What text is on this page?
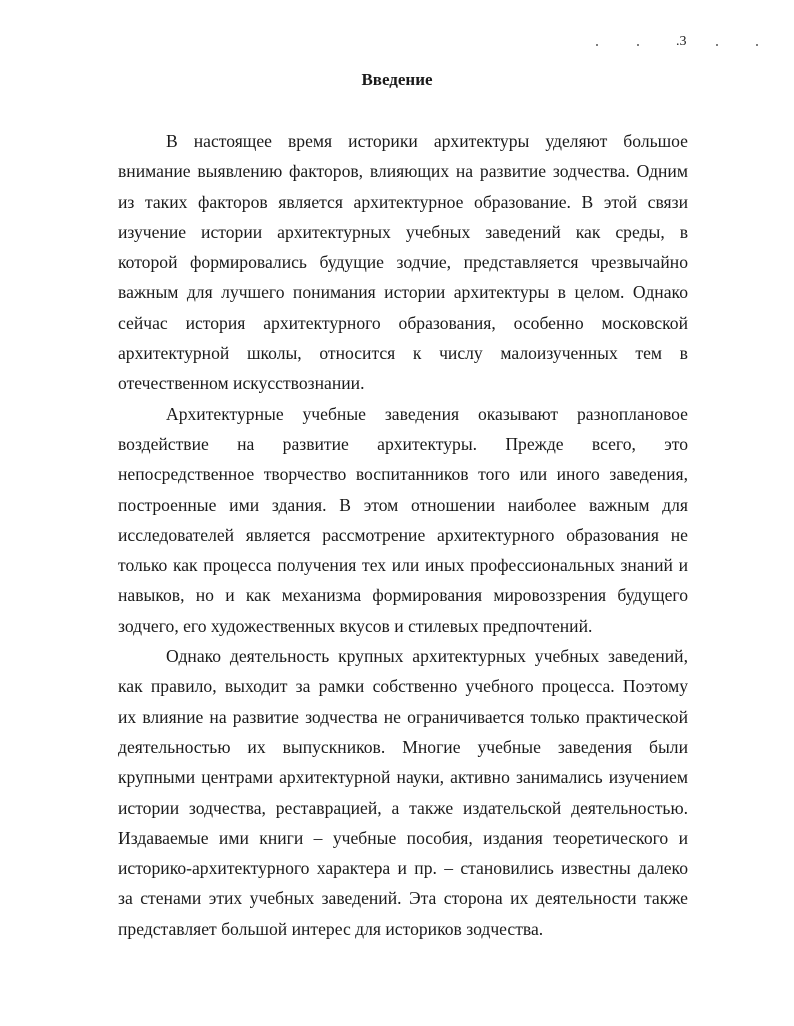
.3
Введение

В настоящее время историки архитектуры уделяют большое
внимание выявлению факторов, влияющих на развитие зодчества. Одним
из таких факторов является архитектурное образование. В этой связи
изучение истории архитектурных учебных заведений как среды, в
которой формировались будущие зодчие, представляется чрезвычайно
важным для лучшего понимания истории архитектуры в целом. Однако
сейчас история архитектурного образования, особенно московской
архитектурной школы, относится к числу малоизученных тем в
отечественном искусствознании.

Архитектурные учебные заведения оказывают разноплановое
воздействие на развитие архитектуры. Прежде всего, это
непосредственное творчество воспитанников того или иного заведения,
построенные ими здания. В этом отношении наиболее важным для
исследователей является рассмотрение архитектурного образования не
только как процесса получения тех или иных профессиональных знаний и
навыков, но и как механизма формирования мировоззрения будущего
зодчего, его художественных вкусов и стилевых предпочтений.

Однако деятельность крупных архитектурных учебных заведений,
как правило, выходит за рамки собственно учебного процесса. Поэтому
их влияние на развитие зодчества не ограничивается только практической
деятельностью их выпускников. Многие учебные заведения были
крупными центрами архитектурной науки, активно занимались изучением
истории зодчества, реставрацией, а также издательской деятельностью.
Издаваемые ими книги – учебные пособия, издания теоретического и
историко-архитектурного характера и пр. – становились известны далеко
за стенами этих учебных заведений. Эта сторона их деятельности также
представляет большой интерес для историков зодчества.
